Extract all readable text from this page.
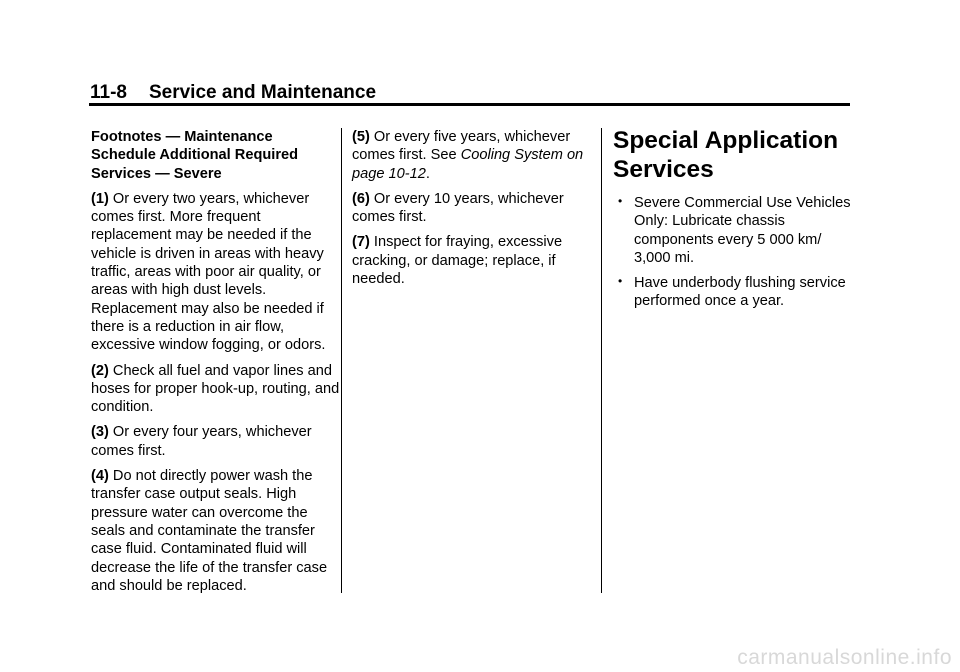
11-8 Service and Maintenance

Footnotes — Maintenance Schedule Additional Required Services — Severe

(1) Or every two years, whichever comes first. More frequent replacement may be needed if the vehicle is driven in areas with heavy traffic, areas with poor air quality, or areas with high dust levels. Replacement may also be needed if there is a reduction in air flow, excessive window fogging, or odors.

(2) Check all fuel and vapor lines and hoses for proper hook-up, routing, and condition.

(3) Or every four years, whichever comes first.

(4) Do not directly power wash the transfer case output seals. High pressure water can overcome the seals and contaminate the transfer case fluid. Contaminated fluid will decrease the life of the transfer case and should be replaced.

(5) Or every five years, whichever comes first. See Cooling System on page 10-12.

(6) Or every 10 years, whichever comes first.

(7) Inspect for fraying, excessive cracking, or damage; replace, if needed.

Special Application Services
• Severe Commercial Use Vehicles Only: Lubricate chassis components every 5 000 km/ 3,000 mi.
• Have underbody flushing service performed once a year.
carmanualsonline.info
